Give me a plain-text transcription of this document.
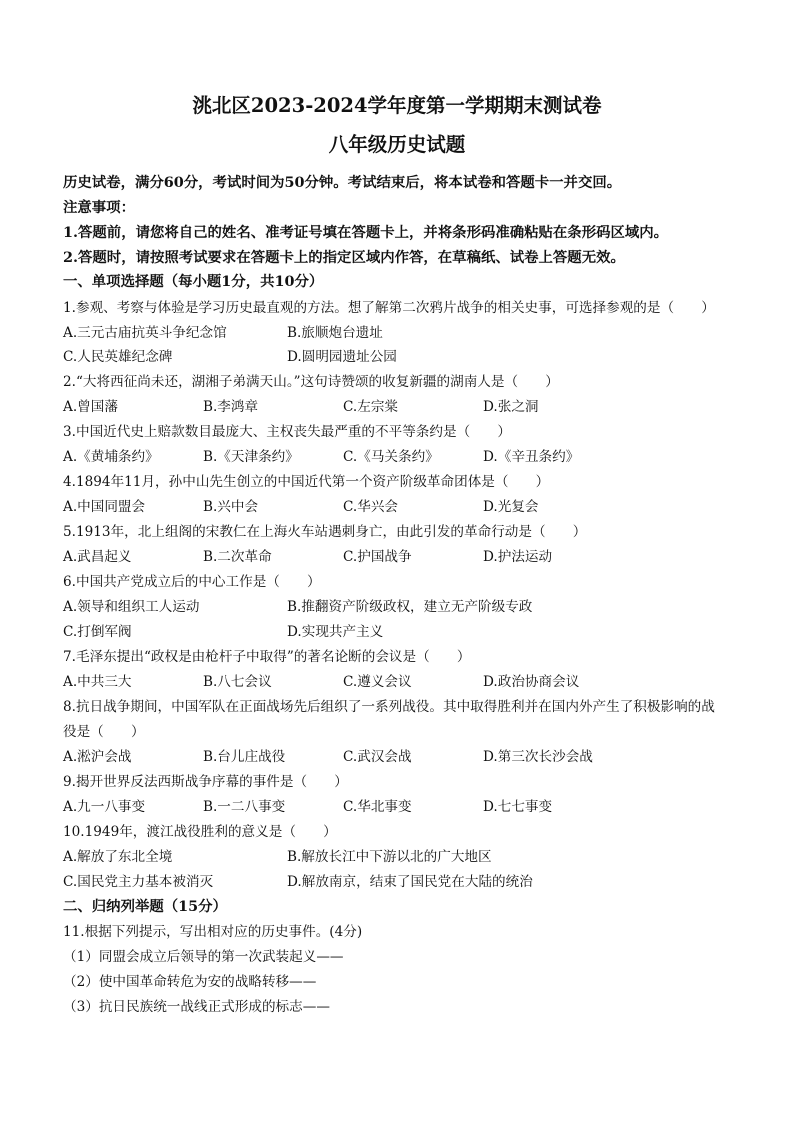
洮北区2023-2024学年度第一学期期末测试卷
八年级历史试题
历史试卷，满分60分，考试时间为50分钟。考试结束后，将本试卷和答题卡一并交回。
注意事项：
1.答题前，请您将自己的姓名、准考证号填在答题卡上，并将条形码准确粘贴在条形码区域内。
2.答题时，请按照考试要求在答题卡上的指定区域内作答，在草稿纸、试卷上答题无效。
一、单项选择题（每小题1分，共10分）
1.参观、考察与体验是学习历史最直观的方法。想了解第二次鸦片战争的相关史事，可选择参观的是（　　）
A.三元古庙抗英斗争纪念馆	B.旅顺炮台遗址
C.人民英雄纪念碑	D.圆明园遗址公园
2.“大将西征尚未还，湖湘子弟满天山。”这句诗赞颂的收复新疆的湖南人是（　　）
A.曾国藩	B.李鸿章	C.左宗棠	D.张之洞
3.中国近代史上赔款数目最庞大、主权丧失最严重的不平等条约是（　　）
A.《黄埔条约》	B.《天津条约》	C.《马关条约》	D.《辛丑条约》
4.1894年11月，孙中山先生创立的中国近代第一个资产阶级革命团体是（　　）
A.中国同盟会	B.兴中会	C.华兴会	D.光复会
5.1913年，北上组阁的宋教仁在上海火车站遇刺身亡，由此引发的革命行动是（　　）
A.武昌起义	B.二次革命	C.护国战争	D.护法运动
6.中国共产党成立后的中心工作是（　　）
A.领导和组织工人运动	B.推翻资产阶级政权，建立无产阶级专政
C.打倒军阀	D.实现共产主义
7.毛泽东提出“政权是由枪杆子中取得”的著名论断的会议是（　　）
A.中共三大	B.八七会议	C.遵义会议	D.政治协商会议
8.抗日战争期间，中国军队在正面战场先后组织了一系列战役。其中取得胜利并在国内外产生了积极影响的战
役是（　　）
A.淞沪会战	B.台儿庄战役	C.武汉会战	D.第三次长沙会战
9.揭开世界反法西斯战争序幕的事件是（　　）
A.九一八事变	B.一二八事变	C.华北事变	D.七七事变
10.1949年，渡江战役胜利的意义是（　　）
A.解放了东北全境	B.解放长江中下游以北的广大地区
C.国民党主力基本被消灭	D.解放南京，结束了国民党在大陆的统治
二、归纳列举题（15分）
11.根据下列提示，写出相对应的历史事件。(4分)
（1）同盟会成立后领导的第一次武装起义——
（2）使中国革命转危为安的战略转移——
（3）抗日民族统一战线正式形成的标志——
